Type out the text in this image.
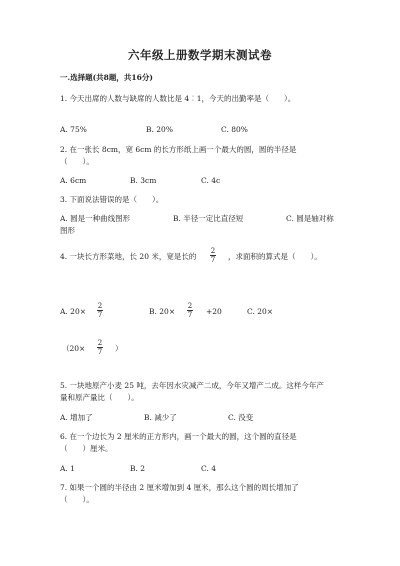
六年级上册数学期末测试卷
一.选择题(共8题，共16分)
1. 今天出席的人数与缺席的人数比是 4︰1，今天的出勤率是（　　）。
A. 75%	B. 20%	C. 80%
2. 在一张长 8cm，宽 6cm 的长方形纸上画一个最大的圆，圆的半径是
（　　）。
A. 6cm	B. 3cm	C. 4c
3. 下面说法错误的是（　　）。
A. 圆是一种曲线图形	B. 半径一定比直径短	C. 圆是轴对称
图形
4. 一块长方形菜地，长 20 米，宽是长的
2
7 ，求面积的算式是（　　）。
A. 20×
2
7	B. 20×
2
7 +20	C. 20×
（20×
2
7 ）
5. 一块地原产小麦 25 吨，去年因水灾减产二成，今年又增产二成。这样今年产
量和原产量比（　　）。
A. 增加了	B. 减少了	C. 没变
6. 在一个边长为 2 厘米的正方形内，画一个最大的圆，这个圆的直径是
（　　）厘米。
A. 1	B. 2	C. 4
7. 如果一个圆的半径由 2 厘米增加到 4 厘米，那么这个圆的周长增加了
（　　）。
